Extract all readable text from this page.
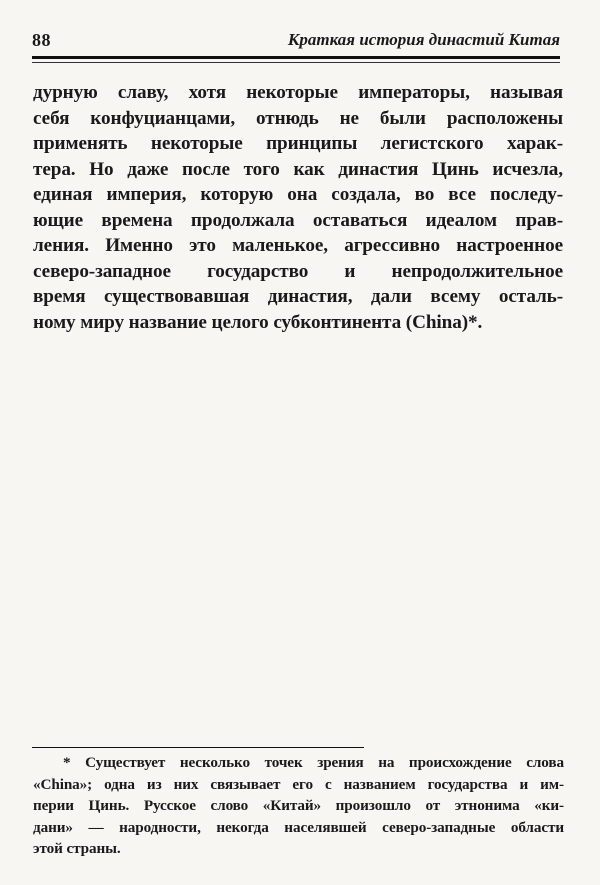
88	Краткая история династий Китая
дурную славу, хотя некоторые императоры, называя
себя конфуцианцами, отнюдь не были расположены
применять некоторые принципы легистского харак-
тера. Но даже после того как династия Цинь исчезла,
единая империя, которую она создала, во все последу-
ющие времена продолжала оставаться идеалом прав-
ления. Именно это маленькое, агрессивно настроенное
северо-западное государство и непродолжительное
время существовавшая династия, дали всему осталь-
ному миру название целого субконтинента (China)*.
* Существует несколько точек зрения на происхождение слова
«China»; одна из них связывает его с названием государства и им-
перии Цинь. Русское слово «Китай» произошло от этнонима «ки-
дани» — народности, некогда населявшей северо-западные области
этой страны.
